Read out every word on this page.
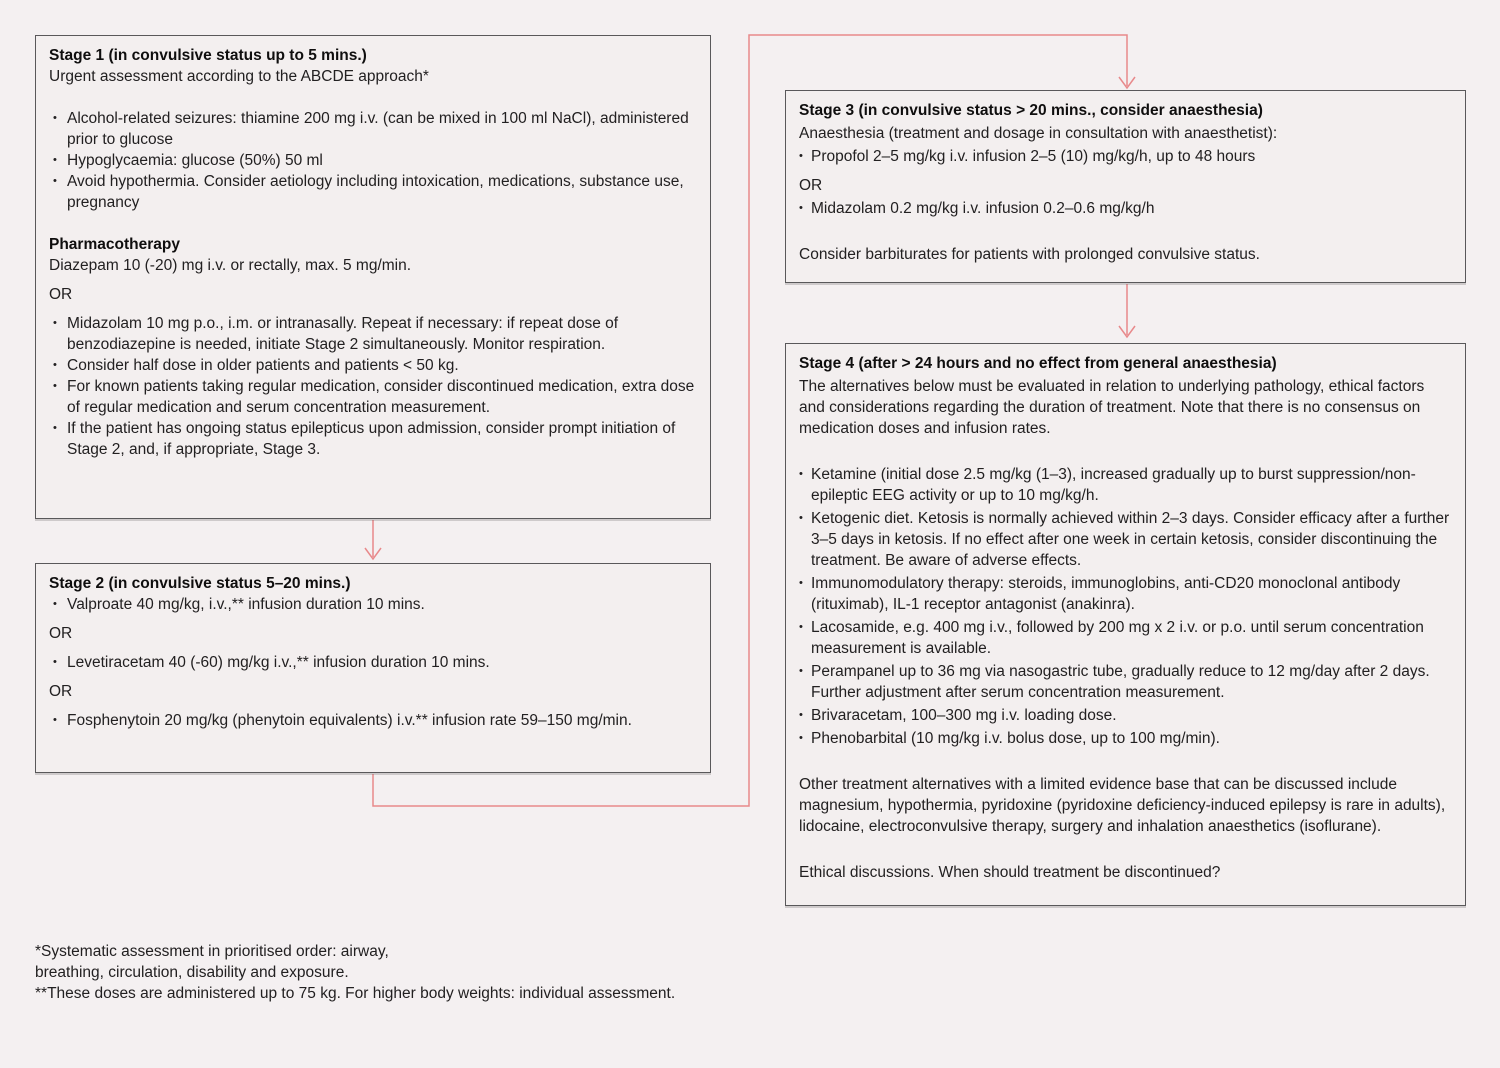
Stage 1 (in convulsive status up to 5 mins.)
Urgent assessment according to the ABCDE approach*
• Alcohol-related seizures: thiamine 200 mg i.v. (can be mixed in 100 ml NaCl), administered prior to glucose
• Hypoglycaemia: glucose (50%) 50 ml
• Avoid hypothermia. Consider aetiology including intoxication, medications, substance use, pregnancy
Pharmacotherapy
Diazepam 10 (-20) mg i.v. or rectally, max. 5 mg/min.
OR
• Midazolam 10 mg p.o., i.m. or intranasally. Repeat if necessary: if repeat dose of benzodiazepine is needed, initiate Stage 2 simultaneously. Monitor respiration.
• Consider half dose in older patients and patients < 50 kg.
• For known patients taking regular medication, consider discontinued medication, extra dose of regular medication and serum concentration measurement.
• If the patient has ongoing status epilepticus upon admission, consider prompt initiation of Stage 2, and, if appropriate, Stage 3.
Stage 2 (in convulsive status 5–20 mins.)
• Valproate 40 mg/kg, i.v.,** infusion duration 10 mins.
OR
• Levetiracetam 40 (-60) mg/kg i.v.,** infusion duration 10 mins.
OR
• Fosphenytoin 20 mg/kg (phenytoin equivalents) i.v.** infusion rate 59–150 mg/min.
Stage 3 (in convulsive status > 20 mins., consider anaesthesia)
Anaesthesia (treatment and dosage in consultation with anaesthetist):
• Propofol 2–5 mg/kg i.v. infusion 2–5 (10) mg/kg/h, up to 48 hours
OR
• Midazolam 0.2 mg/kg i.v. infusion 0.2–0.6 mg/kg/h
Consider barbiturates for patients with prolonged convulsive status.
Stage 4 (after > 24 hours and no effect from general anaesthesia)
The alternatives below must be evaluated in relation to underlying pathology, ethical factors and considerations regarding the duration of treatment. Note that there is no consensus on medication doses and infusion rates.
• Ketamine (initial dose 2.5 mg/kg (1–3), increased gradually up to burst suppression/non-epileptic EEG activity or up to 10 mg/kg/h.
• Ketogenic diet. Ketosis is normally achieved within 2–3 days. Consider efficacy after a further 3–5 days in ketosis. If no effect after one week in certain ketosis, consider discontinuing the treatment. Be aware of adverse effects.
• Immunomodulatory therapy: steroids, immunoglobins, anti-CD20 monoclonal antibody (rituximab), IL-1 receptor antagonist (anakinra).
• Lacosamide, e.g. 400 mg i.v., followed by 200 mg x 2 i.v. or p.o. until serum concentration measurement is available.
• Perampanel up to 36 mg via nasogastric tube, gradually reduce to 12 mg/day after 2 days. Further adjustment after serum concentration measurement.
• Brivaracetam, 100–300 mg i.v. loading dose.
• Phenobarbital (10 mg/kg i.v. bolus dose, up to 100 mg/min).
Other treatment alternatives with a limited evidence base that can be discussed include magnesium, hypothermia, pyridoxine (pyridoxine deficiency-induced epilepsy is rare in adults), lidocaine, electroconvulsive therapy, surgery and inhalation anaesthetics (isoflurane).
Ethical discussions. When should treatment be discontinued?
*Systematic assessment in prioritised order: airway,
breathing, circulation, disability and exposure.
**These doses are administered up to 75 kg. For higher body weights: individual assessment.
